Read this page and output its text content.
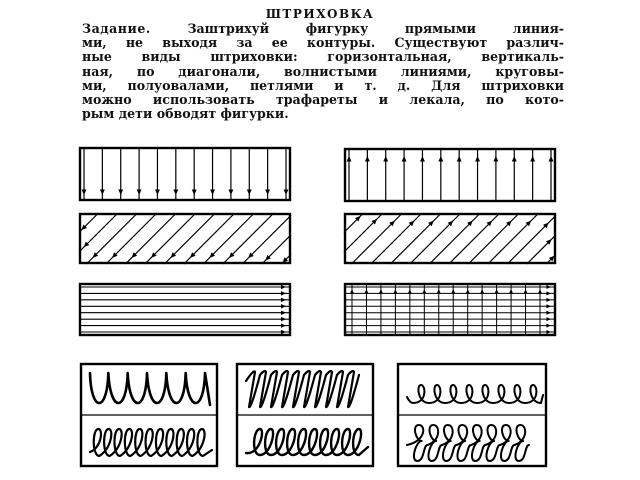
ШТРИХОВКА
Задание.	Заштрихуй фигурку прямыми линия-
ми, не выходя за ее контуры. Существуют различ-
ные виды штриховки: горизонтальная, вертикаль-
ная, по диагонали, волнистыми линиями, круговы-
ми, полуовалами, петлями и т. д. Для штриховки
можно использовать трафареты и лекала, по кото-
рым дети обводят фигурки.
